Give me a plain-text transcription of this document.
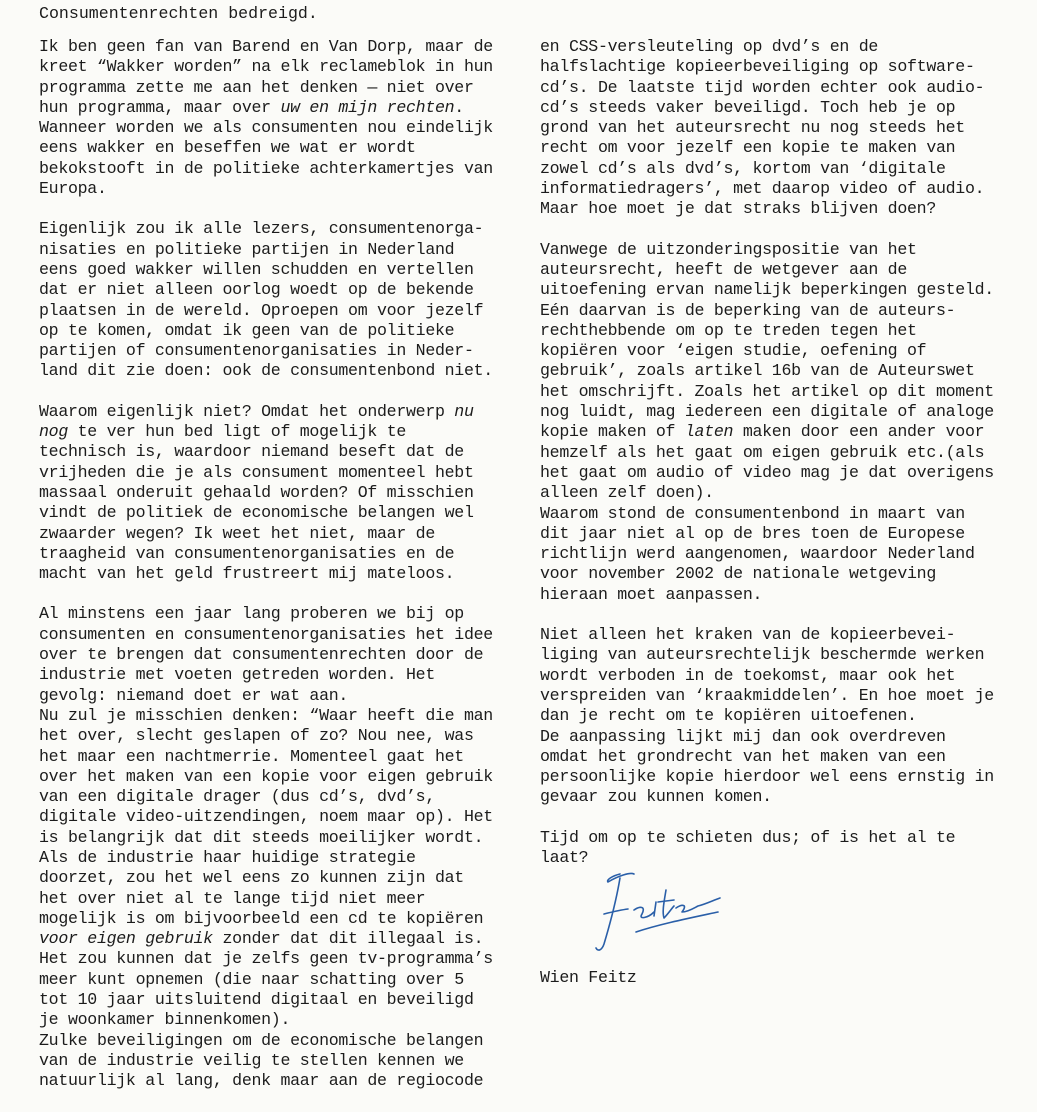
Consumentenrechten bedreigd.

Ik ben geen fan van Barend en Van Dorp, maar de
kreet “Wakker worden” na elk reclameblok in hun
programma zette me aan het denken — niet over
hun programma, maar over uw en mijn rechten.
Wanneer worden we als consumenten nou eindelijk
eens wakker en beseffen we wat er wordt
bekokstooft in de politieke achterkamertjes van
Europa.

Eigenlijk zou ik alle lezers, consumentenorga-
nisaties en politieke partijen in Nederland
eens goed wakker willen schudden en vertellen
dat er niet alleen oorlog woedt op de bekende
plaatsen in de wereld. Oproepen om voor jezelf
op te komen, omdat ik geen van de politieke
partijen of consumentenorganisaties in Neder-
land dit zie doen: ook de consumentenbond niet.

Waarom eigenlijk niet? Omdat het onderwerp nu
nog te ver hun bed ligt of mogelijk te
technisch is, waardoor niemand beseft dat de
vrijheden die je als consument momenteel hebt
massaal onderuit gehaald worden? Of misschien
vindt de politiek de economische belangen wel
zwaarder wegen? Ik weet het niet, maar de
traagheid van consumentenorganisaties en de
macht van het geld frustreert mij mateloos.

Al minstens een jaar lang proberen we bij op
consumenten en consumentenorganisaties het idee
over te brengen dat consumentenrechten door de
industrie met voeten getreden worden. Het
gevolg: niemand doet er wat aan.

Nu zul je misschien denken: “Waar heeft die man
het over, slecht geslapen of zo? Nou nee, was
het maar een nachtmerrie. Momenteel gaat het
over het maken van een kopie voor eigen gebruik
van een digitale drager (dus cd’s, dvd’s,
digitale video-uitzendingen, noem maar op). Het
is belangrijk dat dit steeds moeilijker wordt.
Als de industrie haar huidige strategie
doorzet, zou het wel eens zo kunnen zijn dat
het over niet al te lange tijd niet meer
mogelijk is om bijvoorbeeld een cd te kopiëren
voor eigen gebruik zonder dat dit illegaal is.
Het zou kunnen dat je zelfs geen tv-programma’s
meer kunt opnemen (die naar schatting over 5
tot 10 jaar uitsluitend digitaal en beveiligd
je woonkamer binnenkomen).

Zulke beveiligingen om de economische belangen
van de industrie veilig te stellen kennen we
natuurlijk al lang, denk maar aan de regiocode

en CSS-versleuteling op dvd’s en de
halfslachtige kopieerbeveiliging op software-
cd’s. De laatste tijd worden echter ook audio-
cd’s steeds vaker beveiligd. Toch heb je op
grond van het auteursrecht nu nog steeds het
recht om voor jezelf een kopie te maken van
zowel cd’s als dvd’s, kortom van ‘digitale
informatiedragers’, met daarop video of audio.
Maar hoe moet je dat straks blijven doen?

Vanwege de uitzonderingspositie van het
auteursrecht, heeft de wetgever aan de
uitoefening ervan namelijk beperkingen gesteld.
Eén daarvan is de beperking van de auteurs-
rechthebbende om op te treden tegen het
kopiëren voor ‘eigen studie, oefening of
gebruik’, zoals artikel 16b van de Auteurswet
het omschrijft. Zoals het artikel op dit moment
nog luidt, mag iedereen een digitale of analoge
kopie maken of laten maken door een ander voor
hemzelf als het gaat om eigen gebruik etc.(als
het gaat om audio of video mag je dat overigens
alleen zelf doen).

Waarom stond de consumentenbond in maart van
dit jaar niet al op de bres toen de Europese
richtlijn werd aangenomen, waardoor Nederland
voor november 2002 de nationale wetgeving
hieraan moet aanpassen.

Niet alleen het kraken van de kopieerbevei-
liging van auteursrechtelijk beschermde werken
wordt verboden in de toekomst, maar ook het
verspreiden van ‘kraakmiddelen’. En hoe moet je
dan je recht om te kopiëren uitoefenen.

De aanpassing lijkt mij dan ook overdreven
omdat het grondrecht van het maken van een
persoonlijke kopie hierdoor wel eens ernstig in
gevaar zou kunnen komen.

Tijd om op te schieten dus; of is het al te
laat?

Wien Feitz
